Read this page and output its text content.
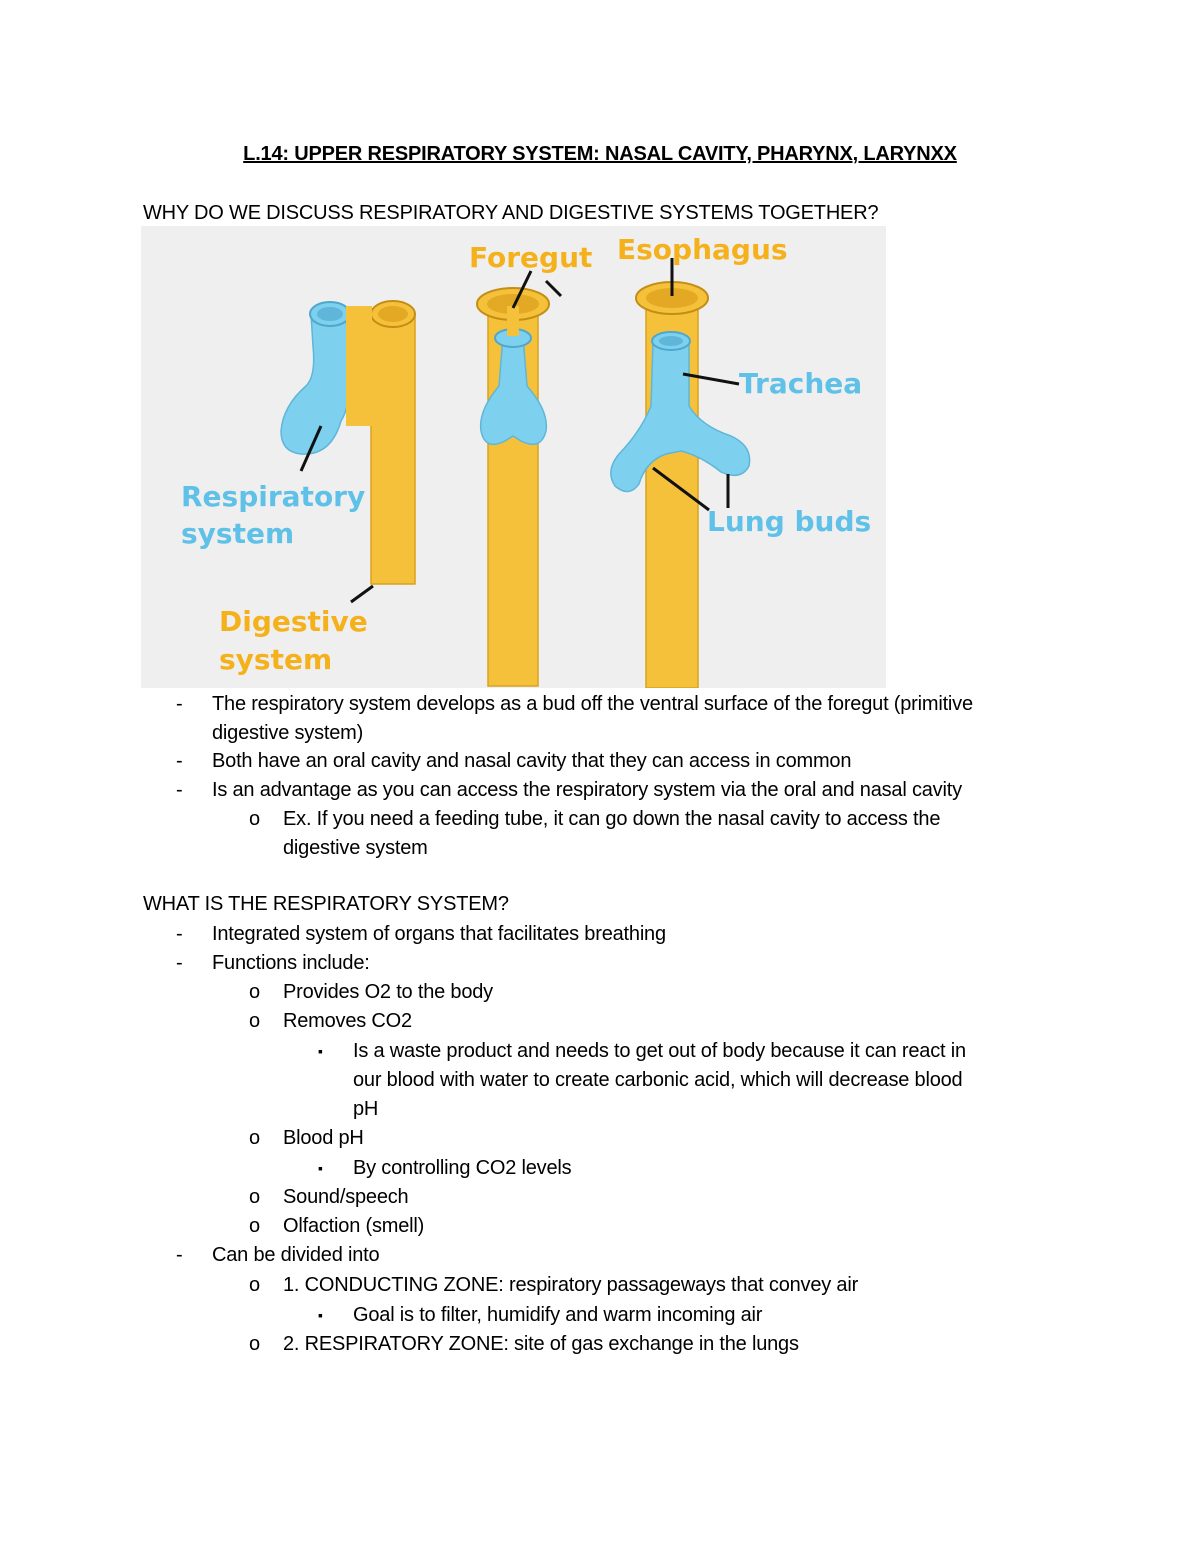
L.14: UPPER RESPIRATORY SYSTEM: NASAL CAVITY, PHARYNX, LARYNXX
WHY DO WE DISCUSS RESPIRATORY AND DIGESTIVE SYSTEMS TOGETHER?
Foregut Esophagus
Trachea
Respiratory
system	Lung buds
Digestive
system
- The respiratory system develops as a bud off the ventral surface of the foregut (primitive
digestive system)
- Both have an oral cavity and nasal cavity that they can access in common
- Is an advantage as you can access the respiratory system via the oral and nasal cavity
o Ex. If you need a feeding tube, it can go down the nasal cavity to access the
digestive system
WHAT IS THE RESPIRATORY SYSTEM?
- Integrated system of organs that facilitates breathing
- Functions include:
o Provides O2 to the body
o Removes CO2
▪ Is a waste product and needs to get out of body because it can react in
our blood with water to create carbonic acid, which will decrease blood
pH
o Blood pH
▪ By controlling CO2 levels
o Sound/speech
o Olfaction (smell)
- Can be divided into
o 1. CONDUCTING ZONE: respiratory passageways that convey air
▪ Goal is to filter, humidify and warm incoming air
o 2. RESPIRATORY ZONE: site of gas exchange in the lungs
